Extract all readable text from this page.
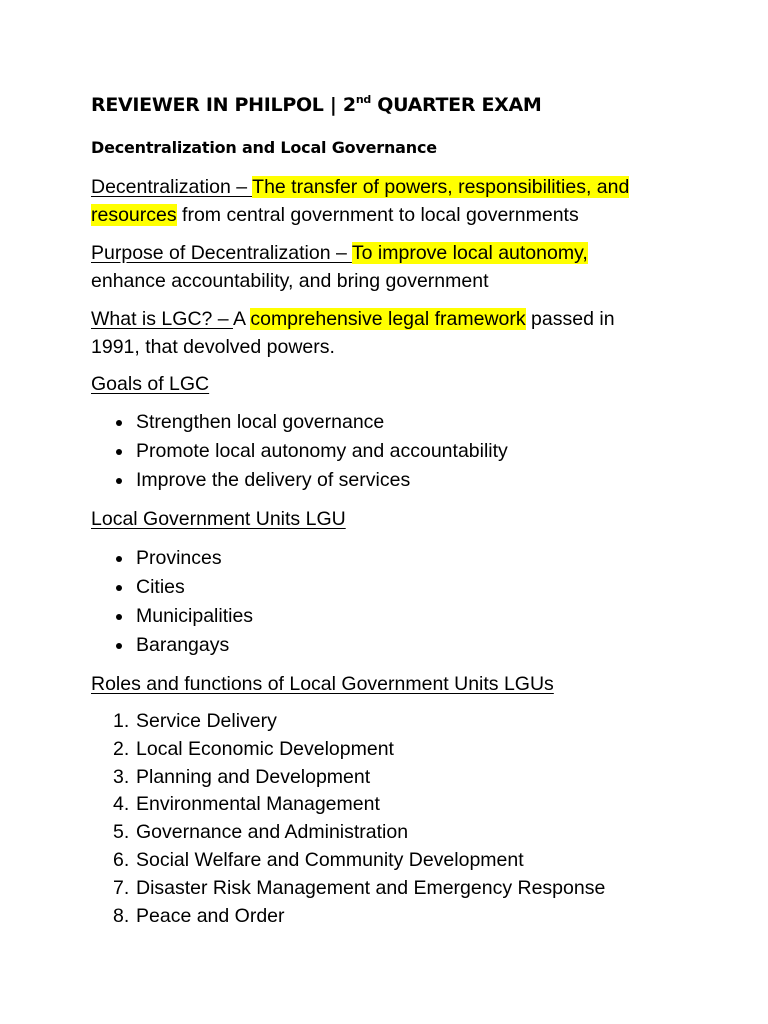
REVIEWER IN PHILPOL | 2nd QUARTER EXAM
Decentralization and Local Governance
Decentralization – The transfer of powers, responsibilities, and
resources from central government to local governments
Purpose of Decentralization – To improve local autonomy,
enhance accountability, and bring government
What is LGC? – A comprehensive legal framework passed in
1991, that devolved powers.
Goals of LGC
Strengthen local governance
Promote local autonomy and accountability
Improve the delivery of services
Local Government Units LGU
Provinces
Cities
Municipalities
Barangays
Roles and functions of Local Government Units LGUs
1. Service Delivery
2. Local Economic Development
3. Planning and Development
4. Environmental Management
5. Governance and Administration
6. Social Welfare and Community Development
7. Disaster Risk Management and Emergency Response
8. Peace and Order
